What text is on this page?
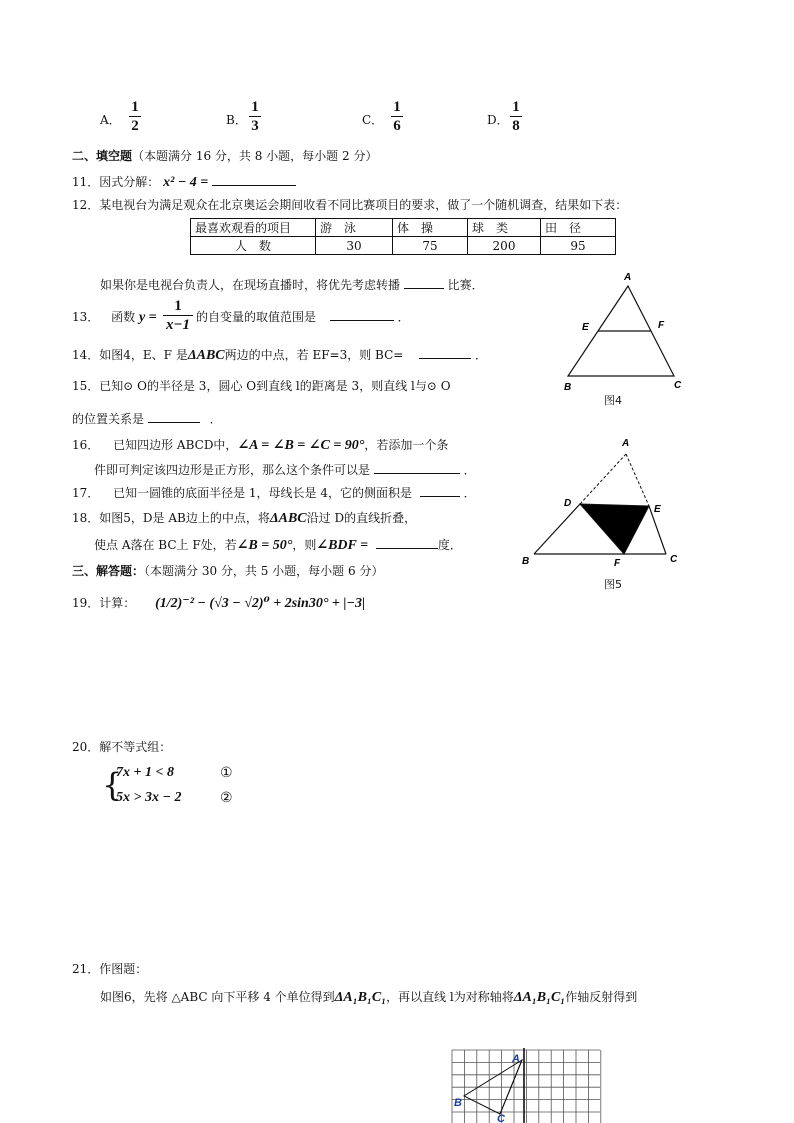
A．
1
2	B．
1
3	C．
1
6	D．
1
8
二、填空题（本题满分 16 分，共 8 小题，每小题 2 分）
11．因式分解： x² − 4 =
12．某电视台为满足观众在北京奥运会期间收看不同比赛项目的要求，做了一个随机调查，结果如下表：
最喜欢观看的项目	游　泳	体　操	球　类	田　径
人　数	30	75	200	95
如果你是电视台负责人，在现场直播时，将优先考虑转播	比赛．
13． 函数 y =
1
x−1 的自变量的取值范围是	．
14．如图4，E、F 是ΔABC两边的中点，若 EF=3，则 BC=	．
15．已知⊙ O的半径是 3，圆心 O到直线 l的距离是 3，则直线 l与⊙ O
的位置关系是	．
16． 已知四边形 ABCD中，∠A = ∠B = ∠C = 90°，若添加一个条
件即可判定该四边形是正方形，那么这个条件可以是	．
17． 已知一圆锥的底面半径是 1，母线长是 4，它的侧面积是	．
18．如图5，D是 AB边上的中点，将ΔABC沿过 D的直线折叠，
使点 A落在 BC上 F处，若∠B = 50°，则∠BDF =	度．
三、解答题：（本题满分 30 分，共 5 小题，每小题 6 分）
19．计算： (1/2)⁻² − (√3 − √2)⁰ + 2sin30° + |−3|
20．解不等式组：
{
7x + 1 < 8	①
5x > 3x − 2	②
21．作图题：
如图6，先将 △ABC 向下平移 4 个单位得到ΔA₁B₁C₁，再以直线 l为对称轴将ΔA₁B₁C₁作轴反射得到
A
B	C
E	F
图4
A
B	C
D
E
F
图5
A
B
C
